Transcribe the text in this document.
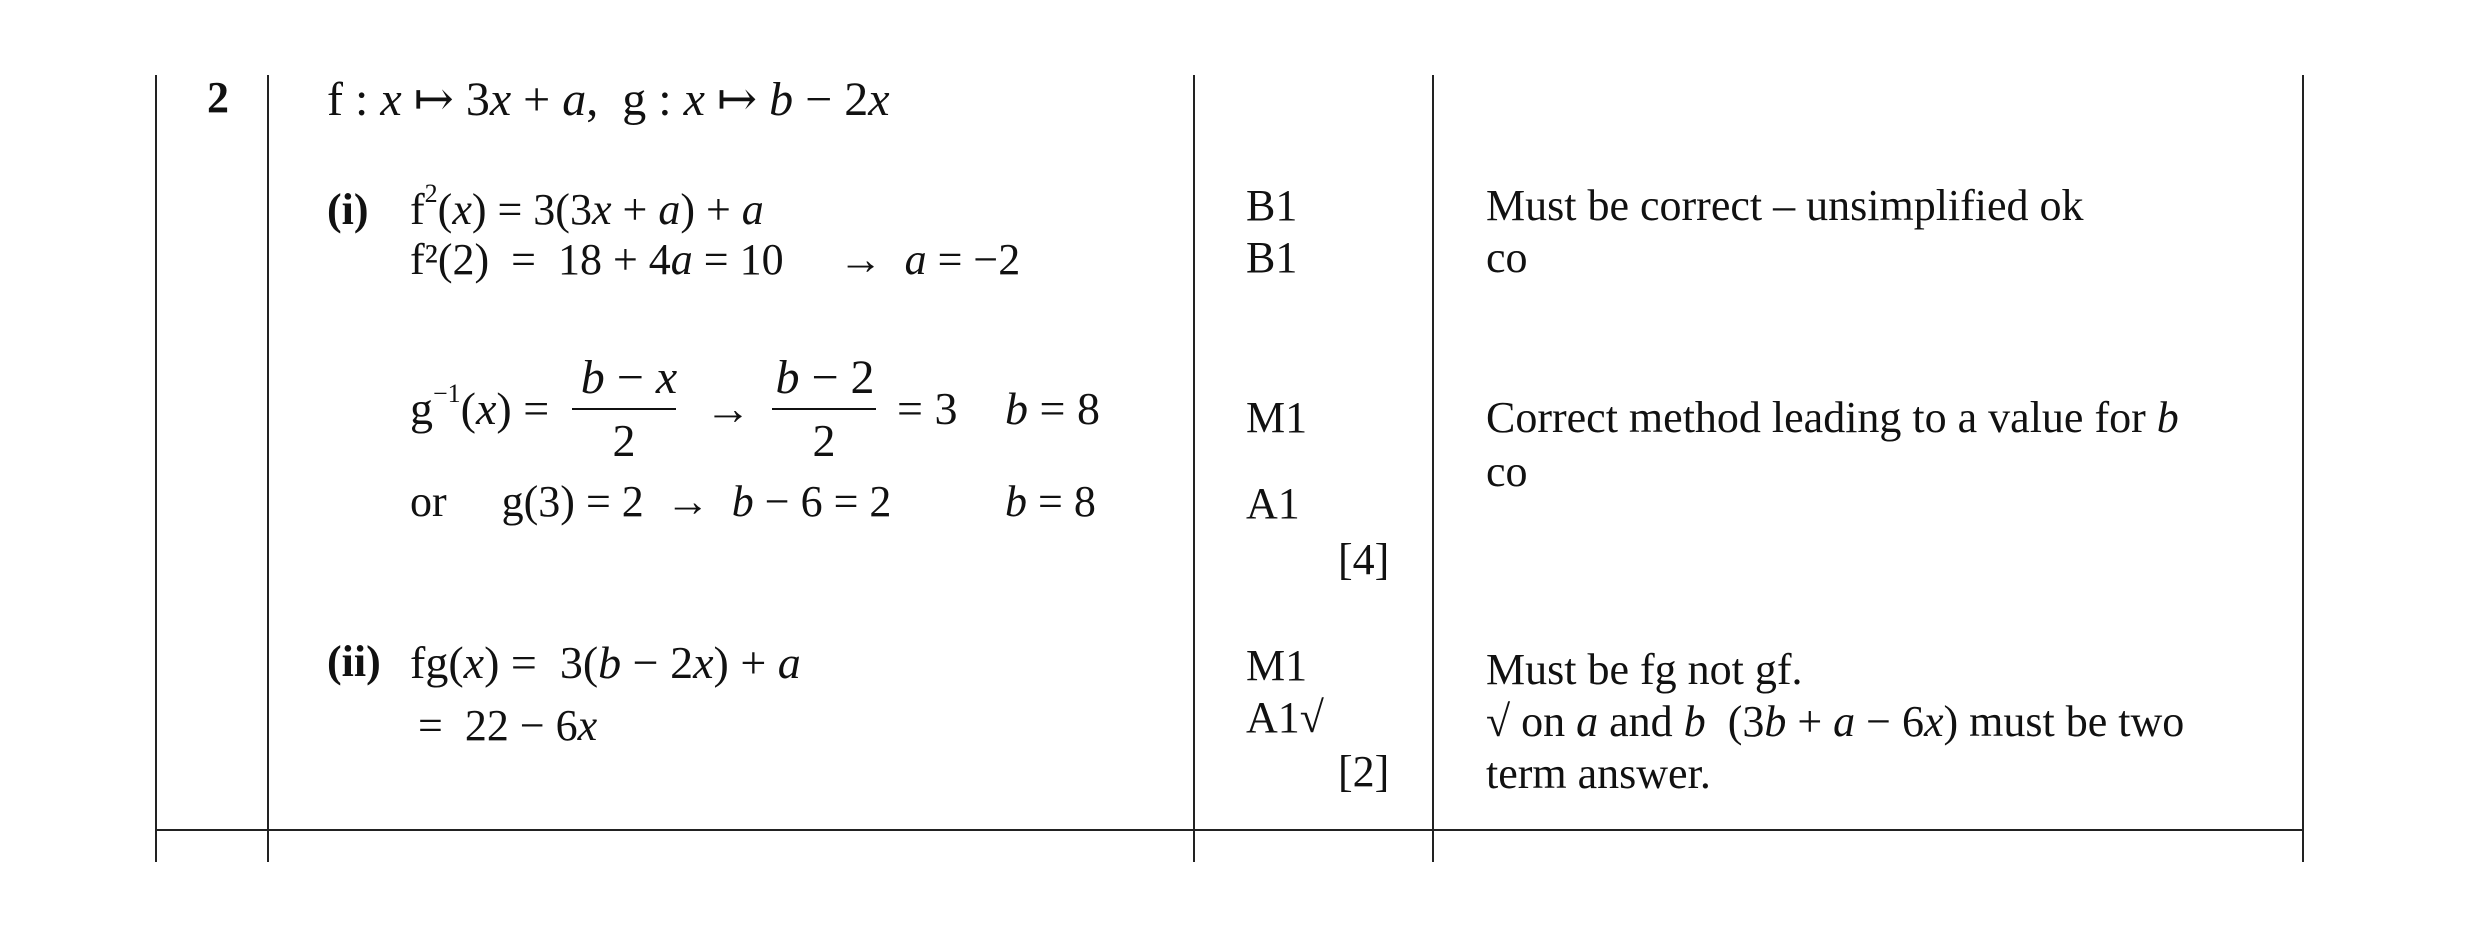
2 f : x ↦ 3x + a, g : x ↦ b − 2x
(i) $f^2(x) = 3(3x + a) + a$
f²(2)  =  18 + 4a = 10     →  a = −2
$g^{-1}(x)$ =
b − x
2
→
b − 2
2
= 3 b = 8
or g(3) = 2  →  b − 6 = 2	b = 8
(ii) fg(x) =  3(b − 2x) + a
=  22 − 6x
B1
B1
M1
A1
[4]
M1
A1√
[2]
Must be correct – unsimplified ok
co
Correct method leading to a value for b
co
Must be fg not gf.
√ on a and b  (3b + a − 6x) must be two
term answer.
